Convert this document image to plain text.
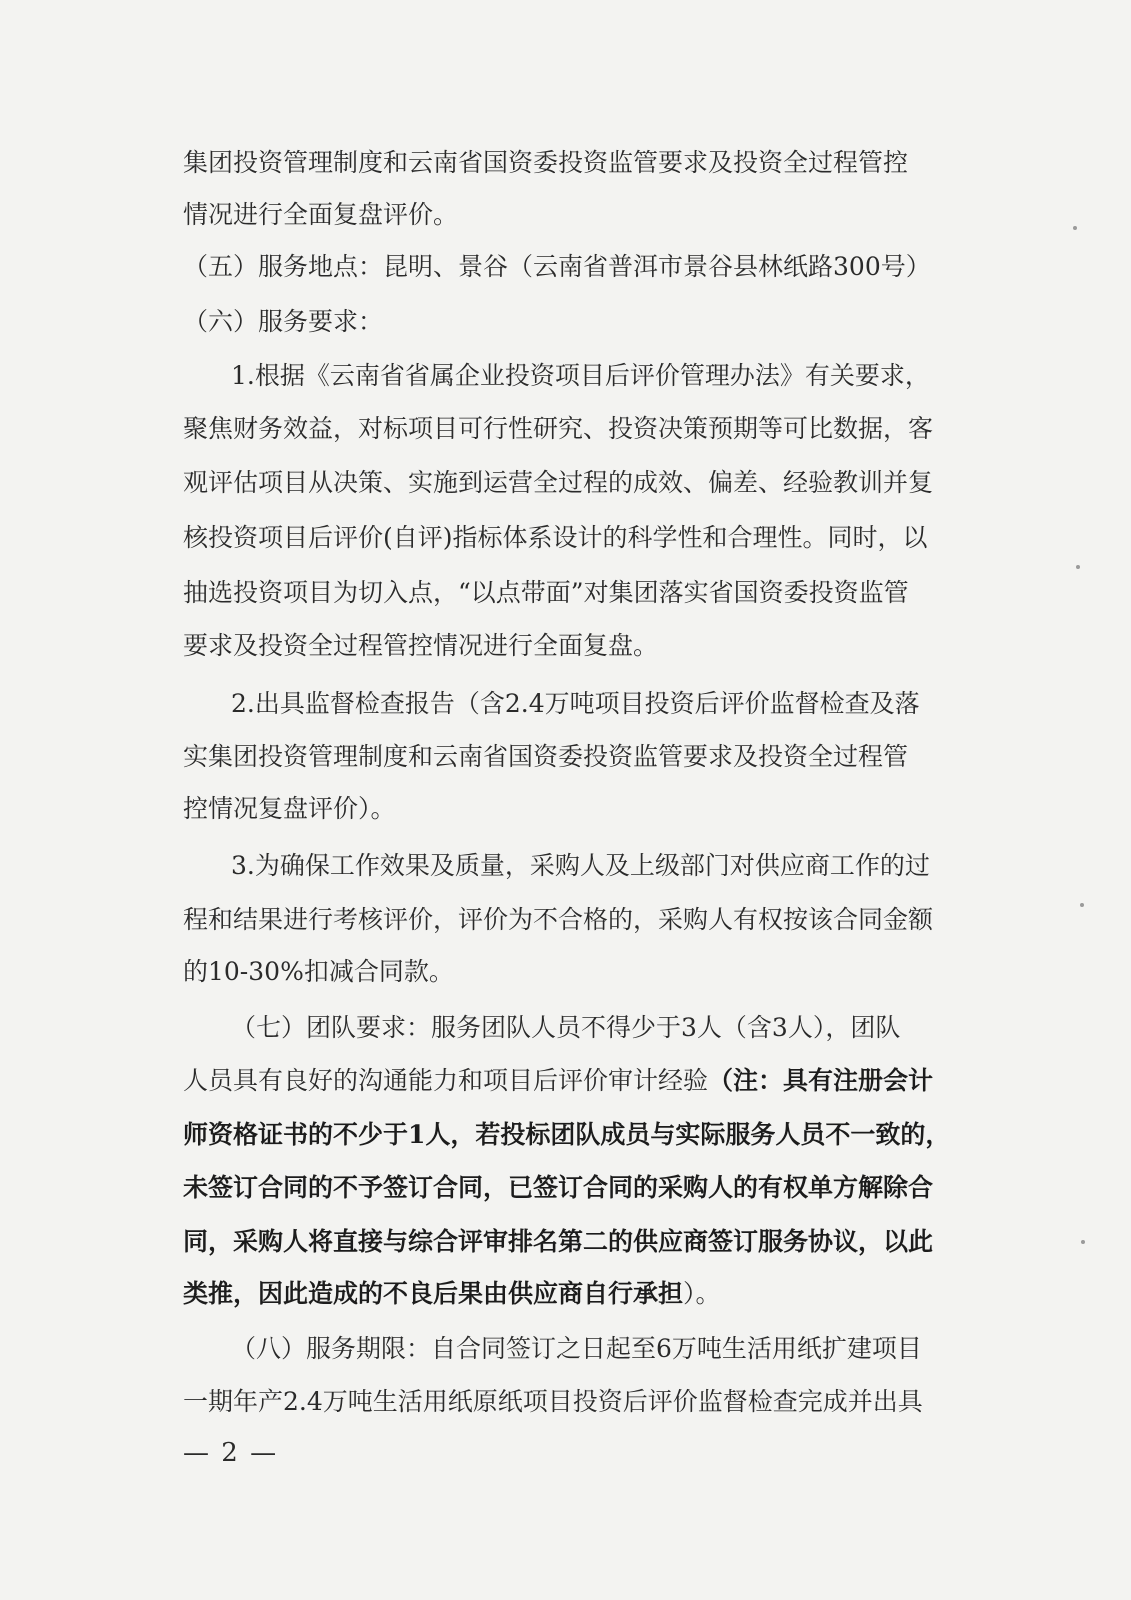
集团投资管理制度和云南省国资委投资监管要求及投资全过程管控
情况进行全面复盘评价。
（五）服务地点：昆明、景谷（云南省普洱市景谷县林纸路300号）
（六）服务要求：
1.根据《云南省省属企业投资项目后评价管理办法》有关要求，
聚焦财务效益，对标项目可行性研究、投资决策预期等可比数据，客
观评估项目从决策、实施到运营全过程的成效、偏差、经验教训并复
核投资项目后评价(自评)指标体系设计的科学性和合理性。同时，以
抽选投资项目为切入点，“以点带面”对集团落实省国资委投资监管
要求及投资全过程管控情况进行全面复盘。
2.出具监督检查报告（含2.4万吨项目投资后评价监督检查及落
实集团投资管理制度和云南省国资委投资监管要求及投资全过程管
控情况复盘评价）。
3.为确保工作效果及质量，采购人及上级部门对供应商工作的过
程和结果进行考核评价，评价为不合格的，采购人有权按该合同金额
的10-30%扣减合同款。
（七）团队要求：服务团队人员不得少于3人（含3人），团队
人员具有良好的沟通能力和项目后评价审计经验（注：具有注册会计
师资格证书的不少于1人，若投标团队成员与实际服务人员不一致的，
未签订合同的不予签订合同，已签订合同的采购人的有权单方解除合
同，采购人将直接与综合评审排名第二的供应商签订服务协议，以此
类推，因此造成的不良后果由供应商自行承担）。
（八）服务期限：自合同签订之日起至6万吨生活用纸扩建项目
一期年产2.4万吨生活用纸原纸项目投资后评价监督检查完成并出具
— 2 —
